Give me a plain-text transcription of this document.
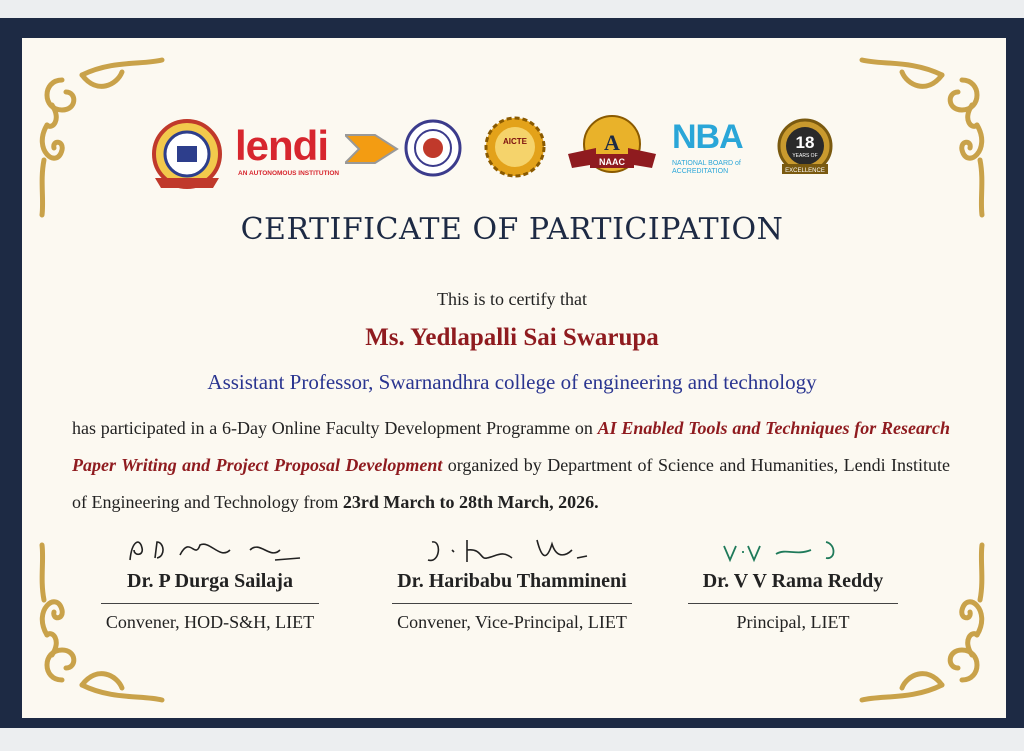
lendi
AN AUTONOMOUS INSTITUTION
AICTE	A
NAAC
NBA
NATIONAL BOARD of ACCREDITATION
18
YEARS OF
EXCELLENCE
CERTIFICATE OF PARTICIPATION
This is to certify that
Ms. Yedlapalli Sai Swarupa
Assistant Professor, Swarnandhra college of engineering and technology
has participated in a 6-Day Online Faculty Development Programme on AI Enabled Tools and Techniques for Research Paper Writing and Project Proposal Development organized by Department of Science and Humanities, Lendi Institute of Engineering and Technology from 23rd March to 28th March, 2026.
Dr. P Durga Sailaja
Convener, HOD-S&H, LIET
Dr. Haribabu Thammineni
Convener, Vice-Principal, LIET
Dr. V V Rama Reddy
Principal, LIET
